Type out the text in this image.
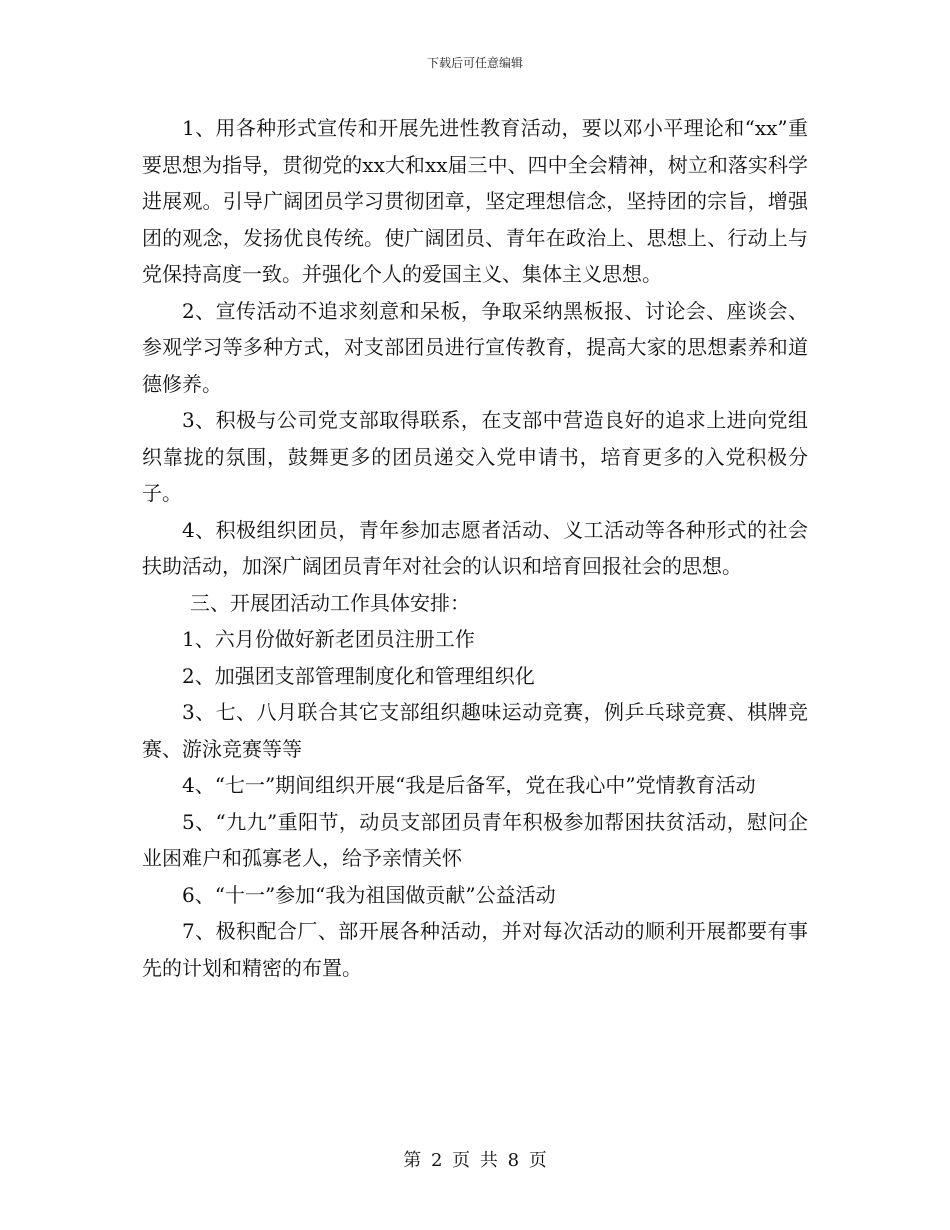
下载后可任意编辑

1、用各种形式宣传和开展先进性教育活动，要以邓小平理论和“xx”重要思想为指导，贯彻党的xx大和xx届三中、四中全会精神，树立和落实科学进展观。引导广阔团员学习贯彻团章，坚定理想信念，坚持团的宗旨，增强团的观念，发扬优良传统。使广阔团员、青年在政治上、思想上、行动上与党保持高度一致。并强化个人的爱国主义、集体主义思想。

2、宣传活动不追求刻意和呆板，争取采纳黑板报、讨论会、座谈会、参观学习等多种方式，对支部团员进行宣传教育，提高大家的思想素养和道德修养。

3、积极与公司党支部取得联系，在支部中营造良好的追求上进向党组织靠拢的氛围，鼓舞更多的团员递交入党申请书，培育更多的入党积极分子。

4、积极组织团员，青年参加志愿者活动、义工活动等各种形式的社会扶助活动，加深广阔团员青年对社会的认识和培育回报社会的思想。

三、开展团活动工作具体安排：

1、六月份做好新老团员注册工作

2、加强团支部管理制度化和管理组织化

3、七、八月联合其它支部组织趣味运动竞赛，例乒乓球竞赛、棋牌竞赛、游泳竞赛等等

4、“七一”期间组织开展“我是后备军，党在我心中”党情教育活动

5、“九九”重阳节，动员支部团员青年积极参加帮困扶贫活动，慰问企业困难户和孤寡老人，给予亲情关怀

6、“十一”参加“我为祖国做贡献”公益活动

7、极积配合厂、部开展各种活动，并对每次活动的顺利开展都要有事先的计划和精密的布置。

第 2 页 共 8 页
